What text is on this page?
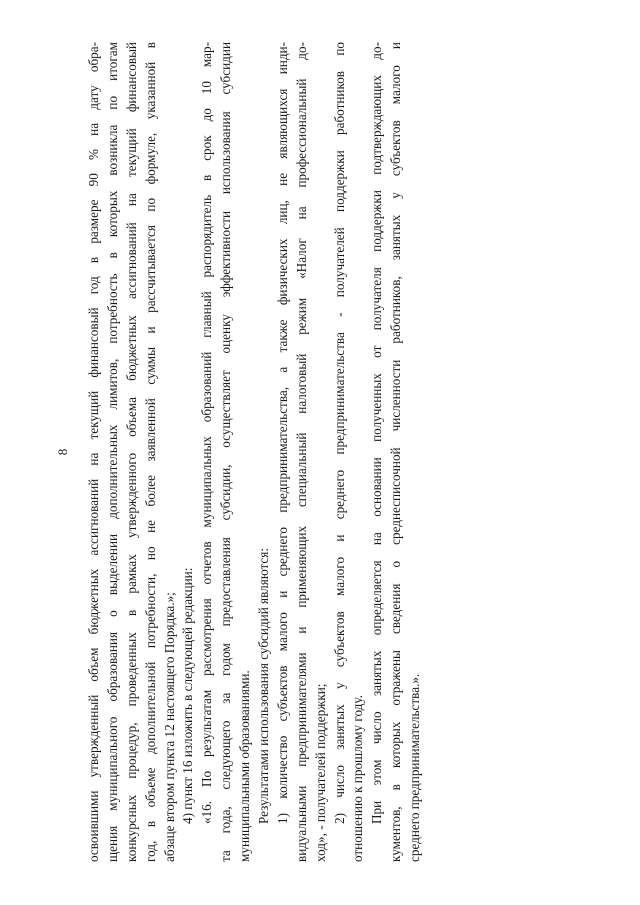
8 освоившими утвержденный объем бюджетных ассигнований на текущий финансовый год в размере 90 % на дату обра- щения муниципального образования о выделении дополнительных лимитов, потребность в которых возникла по итогам конкурсных процедур, проведенных в рамках утвержденного объема бюджетных ассигнований на текущий финансовый год, в объеме дополнительной потребности, но не более заявленной суммы и рассчитывается по формуле, указанной в абзаце втором пункта 12 настоящего Порядка.»; 4) пункт 16 изложить в следующей редакции: «16. По результатам рассмотрения отчетов муниципальных образований главный распорядитель в срок до 10 мар- та года, следующего за годом предоставления субсидии, осуществляет оценку эффективности использования субсидии муниципальными образованиями. Результатами использования субсидий являются: 1) количество субъектов малого и среднего предпринимательства, а также физических лиц, не являющихся инди- видуальными предпринимателями и применяющих специальный налоговый режим «Налог на профессиональный до- ход», - получателей поддержки; 2) число занятых у субъектов малого и среднего предпринимательства - получателей поддержки работников по отношению к прошлому году. При этом число занятых определяется на основании полученных от получателя поддержки подтверждающих до- кументов, в которых отражены сведения о среднесписочной численности работников, занятых у субъектов малого и среднего предпринимательства.».
